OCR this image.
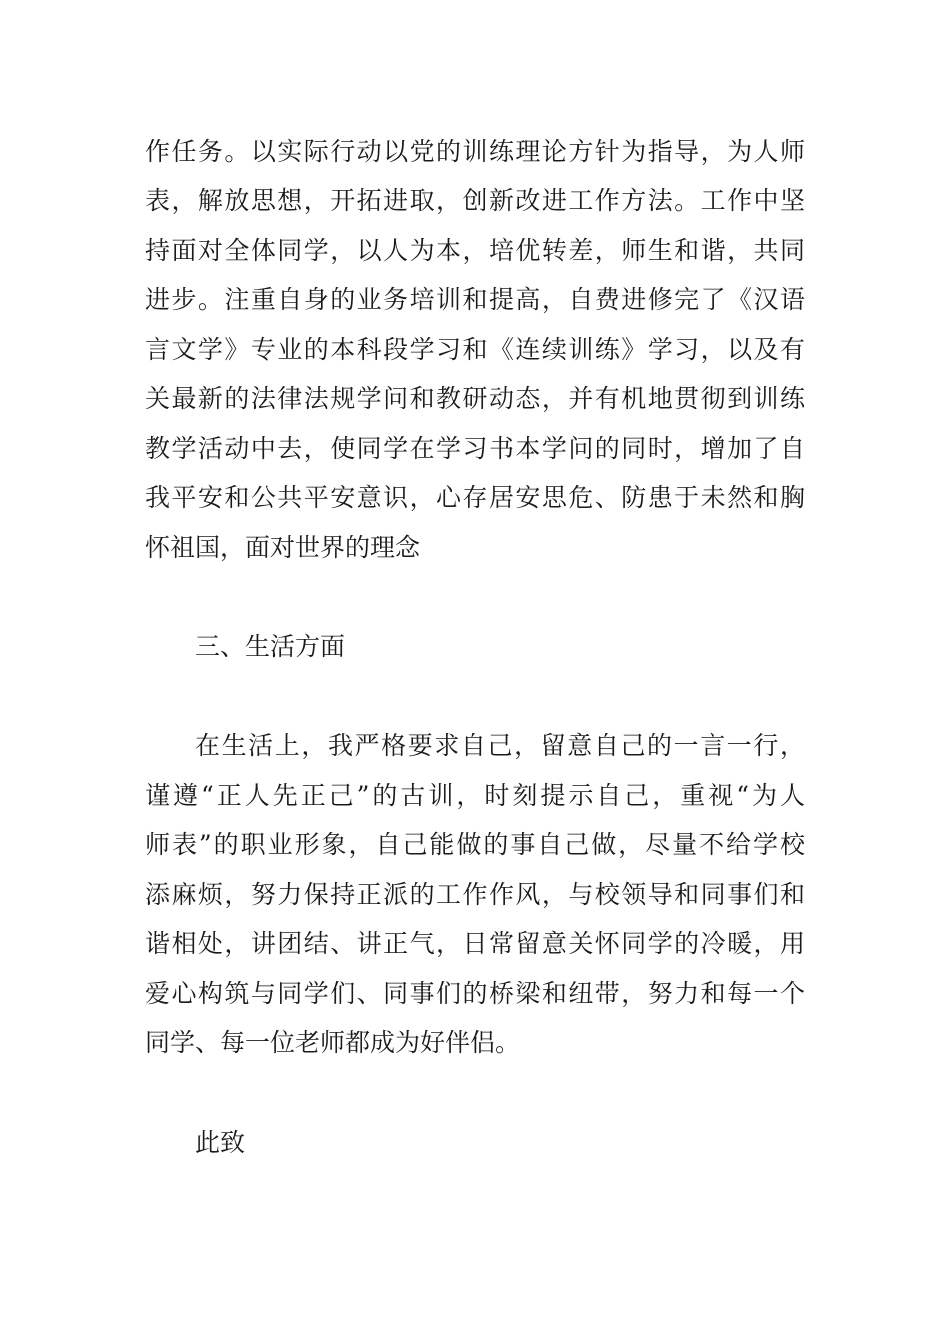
作任务。以实际行动以党的训练理论方针为指导，为人师
表，解放思想，开拓进取，创新改进工作方法。工作中坚
持面对全体同学，以人为本，培优转差，师生和谐，共同
进步。注重自身的业务培训和提高，自费进修完了《汉语
言文学》专业的本科段学习和《连续训练》学习，以及有
关最新的法律法规学问和教研动态，并有机地贯彻到训练
教学活动中去，使同学在学习书本学问的同时，增加了自
我平安和公共平安意识，心存居安思危、防患于未然和胸
怀祖国，面对世界的理念
三、生活方面
在生活上，我严格要求自己，留意自己的一言一行，
谨遵“正人先正己”的古训，时刻提示自己，重视“为人
师表”的职业形象，自己能做的事自己做，尽量不给学校
添麻烦，努力保持正派的工作作风，与校领导和同事们和
谐相处，讲团结、讲正气，日常留意关怀同学的冷暖，用
爱心构筑与同学们、同事们的桥梁和纽带，努力和每一个
同学、每一位老师都成为好伴侣。
此致
